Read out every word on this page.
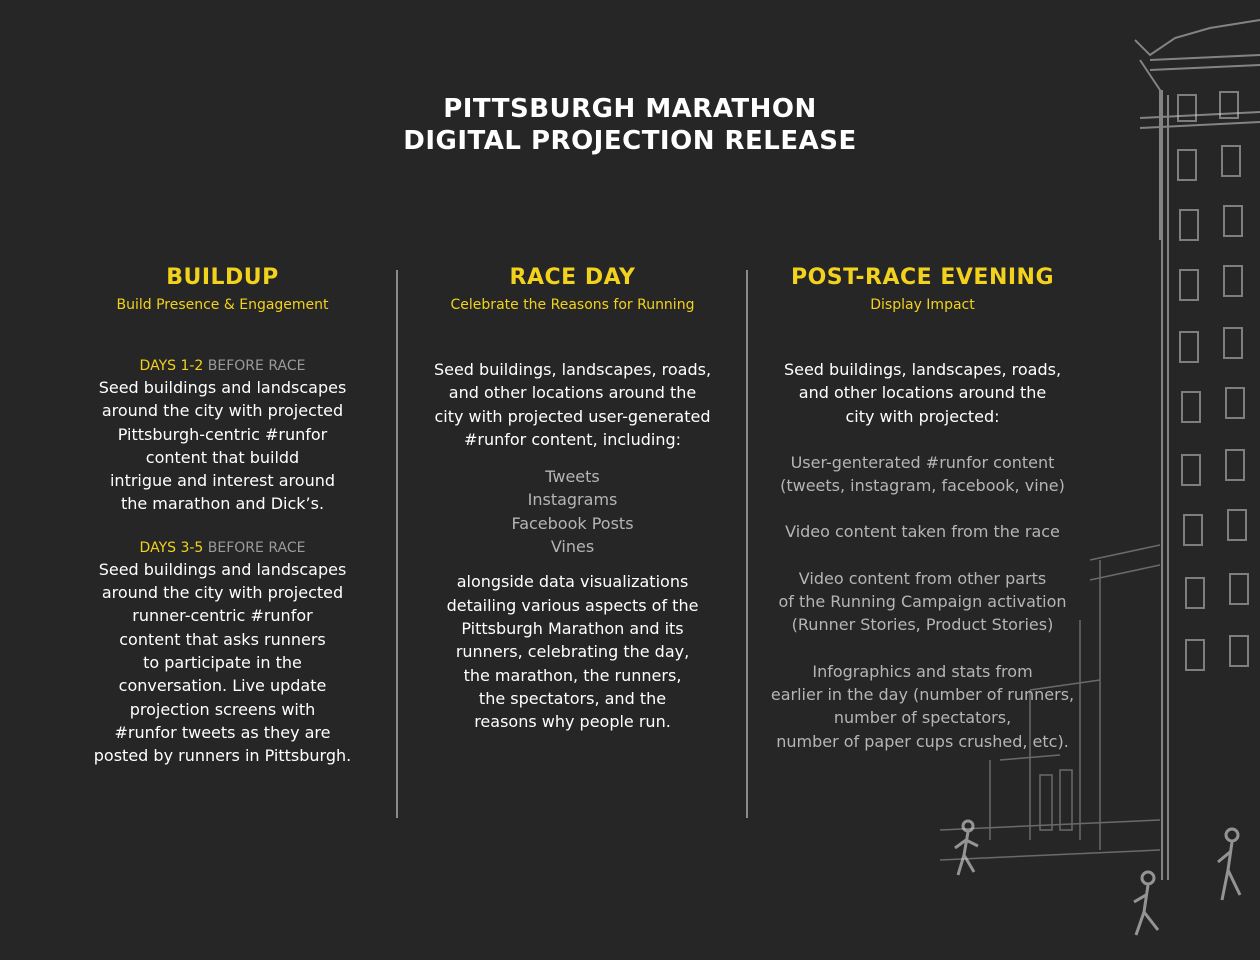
PITTSBURGH MARATHON
DIGITAL PROJECTION RELEASE
BUILDUP
Build Presence & Engagement
DAYS 1-2 BEFORE RACE
Seed buildings and landscapes
around the city with projected
Pittsburgh-centric #runfor
content that buildd
intrigue and interest around
the marathon and Dick’s.
DAYS 3-5 BEFORE RACE
Seed buildings and landscapes
around the city with projected
runner-centric #runfor
content that asks runners
to participate in the
conversation. Live update
projection screens with
#runfor tweets as they are
posted by runners in Pittsburgh.
RACE DAY
Celebrate the Reasons for Running
Seed buildings, landscapes, roads,
and other locations around the
city with projected user-generated
#runfor content, including:
Tweets
Instagrams
Facebook Posts
Vines
alongside data visualizations
detailing various aspects of the
Pittsburgh Marathon and its
runners, celebrating the day,
the marathon, the runners,
the spectators, and the
reasons why people run.
POST-RACE EVENING
Display Impact
Seed buildings, landscapes, roads,
and other locations around the
city with projected:
User-genterated #runfor content
(tweets, instagram, facebook, vine)
Video content taken from the race
Video content from other parts
of the Running Campaign activation
(Runner Stories, Product Stories)
Infographics and stats from
earlier in the day (number of runners,
number of spectators,
number of paper cups crushed, etc).
